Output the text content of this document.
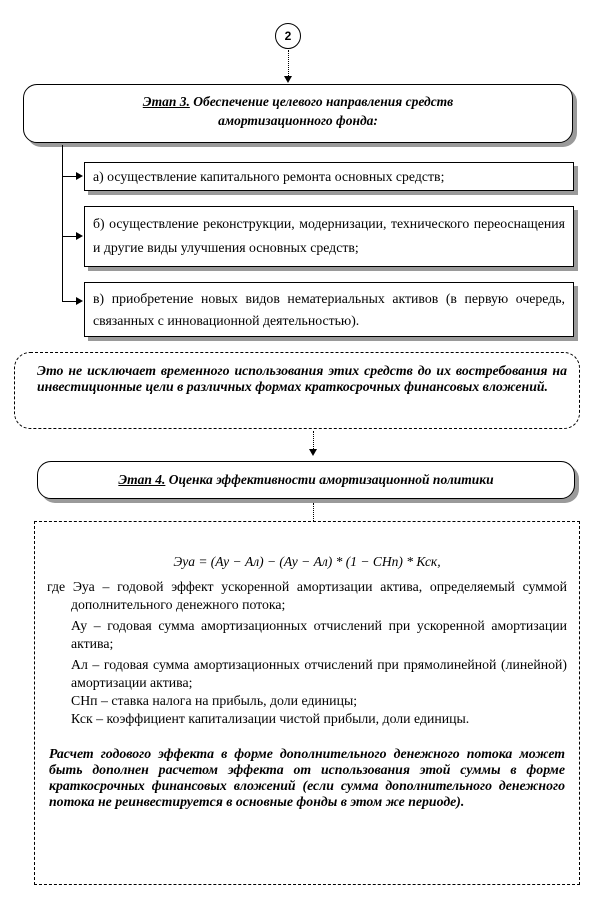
2
Этап 3. Обеспечение целевого направления средств амортизационного фонда:
а) осуществление капитального ремонта основных средств;
б) осуществление реконструкции, модернизации, технического переоснащения и другие виды улучшения основных средств;
в) приобретение новых видов нематериальных активов (в первую очередь, связанных с инновационной деятельностью).
Это не исключает временного использования этих средств до их востребования на инвестиционные цели в различных формах краткосрочных финансовых вложений.
Этап 4. Оценка эффективности амортизационной политики
Эуа = (Ау − Ал) − (Ау − Ал) * (1 − СНп) * Кск,
где Эуа – годовой эффект ускоренной амортизации актива, определяемый суммой дополнительного денежного потока;
Ау – годовая сумма амортизационных отчислений при ускоренной амортизации актива;
Ал – годовая сумма амортизационных отчислений при прямолинейной (линейной) амортизации актива;
СНп – ставка налога на прибыль, доли единицы;
Кск – коэффициент капитализации чистой прибыли, доли единицы.
Расчет годового эффекта в форме дополнительного денежного потока может быть дополнен расчетом эффекта от использования этой суммы в форме краткосрочных финансовых вложений (если сумма дополнительного денежного потока не реинвестируется в основные фонды в этом же периоде).
